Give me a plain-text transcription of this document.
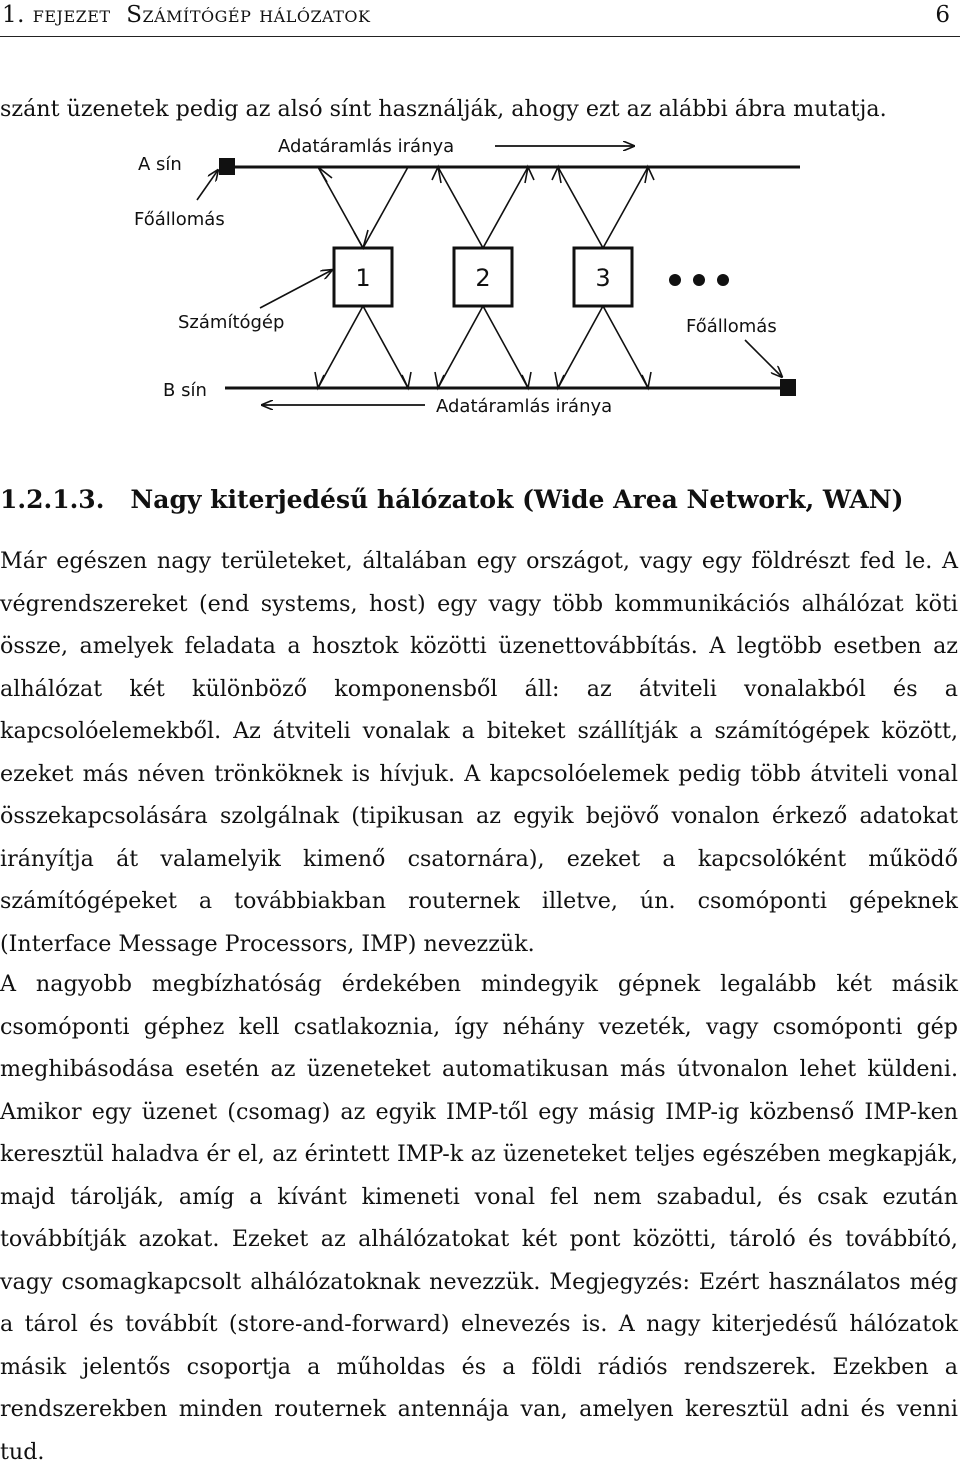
1. fejezet Számítógép hálózatok	6
szánt üzenetek pedig az alsó sínt használják, ahogy ezt az alábbi ábra mutatja.
A sín
Adatáramlás iránya
Főállomás
Számítógép	Főállomás
B sín
Adatáramlás iránya
1	2	3
1.2.1.3. Nagy kiterjedésű hálózatok (Wide Area Network, WAN)
Már egészen nagy területeket, általában egy országot, vagy egy földrészt fed le. A végrendszereket (end systems, host) egy vagy több kommunikációs alhálózat köti össze, amelyek feladata a hosztok közötti üzenettovábbítás. A legtöbb esetben az alhálózat két különböző komponensből áll: az átviteli vonalakból és a kapcsolóelemekből. Az átviteli vonalak a biteket szállítják a számítógépek között, ezeket más néven trönköknek is hívjuk. A kapcsolóelemek pedig több átviteli vonal összekapcsolására szolgálnak (tipikusan az egyik bejövő vonalon érkező adatokat irányítja át valamelyik kimenő csatornára), ezeket a kapcsolóként működő számítógépeket a továbbiakban routernek illetve, ún. csomóponti gépeknek (Interface Message Processors, IMP) nevezzük.
A nagyobb megbízhatóság érdekében mindegyik gépnek legalább két másik csomóponti géphez kell csatlakoznia, így néhány vezeték, vagy csomóponti gép meghibásodása esetén az üzeneteket automatikusan más útvonalon lehet küldeni. Amikor egy üzenet (csomag) az egyik IMP-től egy másig IMP-ig közbenső IMP-ken keresztül haladva ér el, az érintett IMP-k az üzeneteket teljes egészében megkapják, majd tárolják, amíg a kívánt kimeneti vonal fel nem szabadul, és csak ezután továbbítják azokat. Ezeket az alhálózatokat két pont közötti, tároló és továbbító, vagy csomagkapcsolt alhálózatoknak nevezzük. Megjegyzés: Ezért használatos még a tárol és továbbít (store-and-forward) elnevezés is. A nagy kiterjedésű hálózatok másik jelentős csoportja a műholdas és a földi rádiós rendszerek. Ezekben a rendszerekben minden routernek antennája van, amelyen keresztül adni és venni tud.
